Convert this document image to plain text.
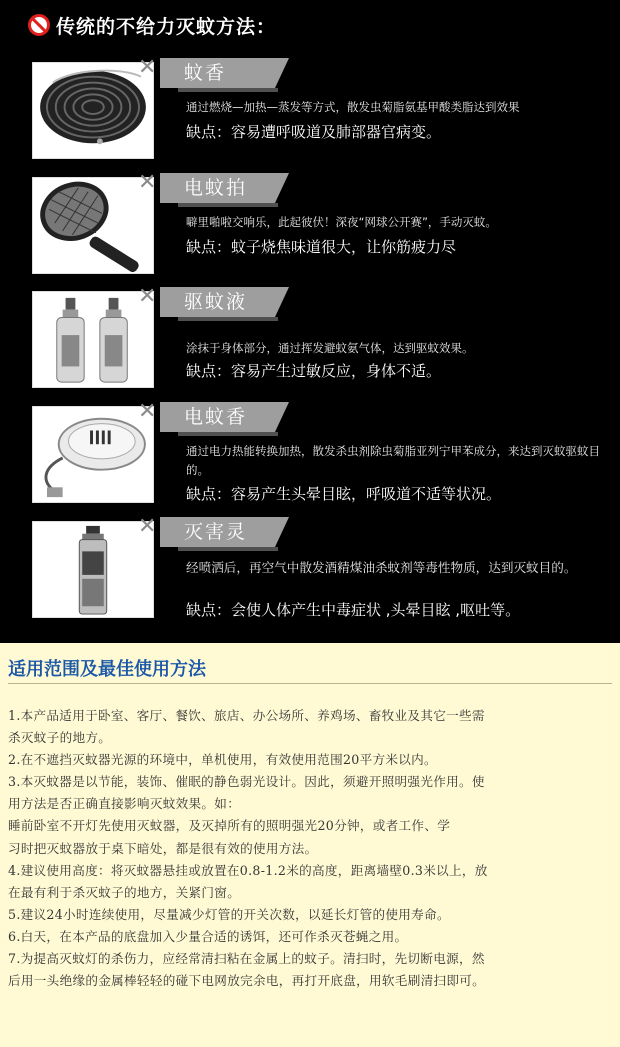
传统的不给力灭蚊方法：
✕ 蚊香
通过燃烧—加热—蒸发等方式，散发虫菊脂氨基甲酸类脂达到效果
缺点：容易遭呼吸道及肺部器官病变。
✕ 电蚊拍
噼里啪啦交响乐，此起彼伏！深夜“网球公开赛”，手动灭蚊。
缺点：蚊子烧焦味道很大，让你筋疲力尽
✕ 驱蚊液
涂抹于身体部分，通过挥发避蚊氨气体，达到驱蚊效果。
缺点：容易产生过敏反应，身体不适。
✕ 电蚊香
通过电力热能转换加热，散发杀虫剂除虫菊脂亚列宁甲苯成分，来达到灭蚊驱蚊目的。
缺点：容易产生头晕目眩，呼吸道不适等状况。
✕ 灭害灵
经喷洒后，再空气中散发酒精煤油杀蚊剂等毒性物质，达到灭蚊目的。
缺点：会使人体产生中毒症状 ,头晕目眩 ,呕吐等。
适用范围及最佳使用方法

1.本产品适用于卧室、客厅、餐饮、旅店、办公场所、养鸡场、畜牧业及其它一些需

杀灭蚊子的地方。

2.在不遮挡灭蚊器光源的环境中，单机使用，有效使用范围20平方米以内。

3.本灭蚊器是以节能，装饰、催眠的静色弱光设计。因此，须避开照明强光作用。使

用方法是否正确直接影响灭蚊效果。如：

睡前卧室不开灯先使用灭蚊器，及灭掉所有的照明强光20分钟，或者工作、学

习时把灭蚊器放于桌下暗处，都是很有效的使用方法。

4.建议使用高度：将灭蚊器悬挂或放置在0.8-1.2米的高度，距离墙壁0.3米以上，放

在最有利于杀灭蚊子的地方，关紧门窗。

5.建议24小时连续使用，尽量减少灯管的开关次数，以延长灯管的使用寿命。

6.白天，在本产品的底盘加入少量合适的诱饵，还可作杀灭苍蝇之用。

7.为提高灭蚊灯的杀伤力，应经常清扫粘在金属上的蚊子。清扫时，先切断电源，然

后用一头绝缘的金属棒轻轻的碰下电网放完余电，再打开底盘，用软毛刷清扫即可。
